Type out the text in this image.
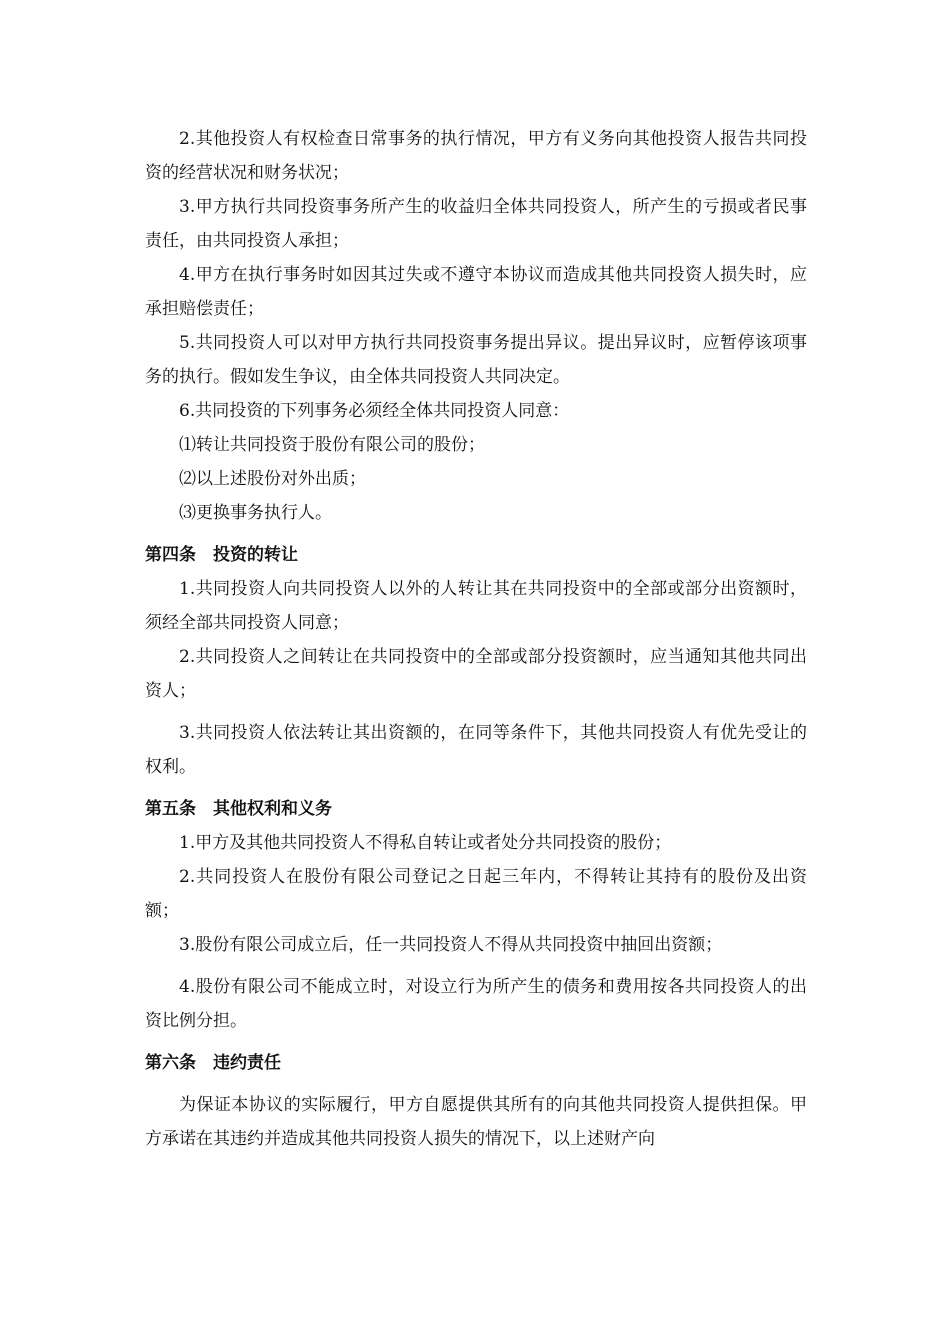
2.其他投资人有权检查日常事务的执行情况，甲方有义务向其他投资人报告共同投资的经营状况和财务状况；

3.甲方执行共同投资事务所产生的收益归全体共同投资人，所产生的亏损或者民事责任，由共同投资人承担；

4.甲方在执行事务时如因其过失或不遵守本协议而造成其他共同投资人损失时，应承担赔偿责任；

5.共同投资人可以对甲方执行共同投资事务提出异议。提出异议时，应暂停该项事务的执行。假如发生争议，由全体共同投资人共同决定。

6.共同投资的下列事务必须经全体共同投资人同意：

⑴转让共同投资于股份有限公司的股份；

⑵以上述股份对外出质；

⑶更换事务执行人。

第四条　投资的转让

1.共同投资人向共同投资人以外的人转让其在共同投资中的全部或部分出资额时，须经全部共同投资人同意；

2.共同投资人之间转让在共同投资中的全部或部分投资额时，应当通知其他共同出资人；

3.共同投资人依法转让其出资额的，在同等条件下，其他共同投资人有优先受让的权利。

第五条　其他权利和义务

1.甲方及其他共同投资人不得私自转让或者处分共同投资的股份；

2.共同投资人在股份有限公司登记之日起三年内，不得转让其持有的股份及出资额；

3.股份有限公司成立后，任一共同投资人不得从共同投资中抽回出资额；

4.股份有限公司不能成立时，对设立行为所产生的债务和费用按各共同投资人的出资比例分担。

第六条　违约责任

为保证本协议的实际履行，甲方自愿提供其所有的向其他共同投资人提供担保。甲方承诺在其违约并造成其他共同投资人损失的情况下，以上述财产向
